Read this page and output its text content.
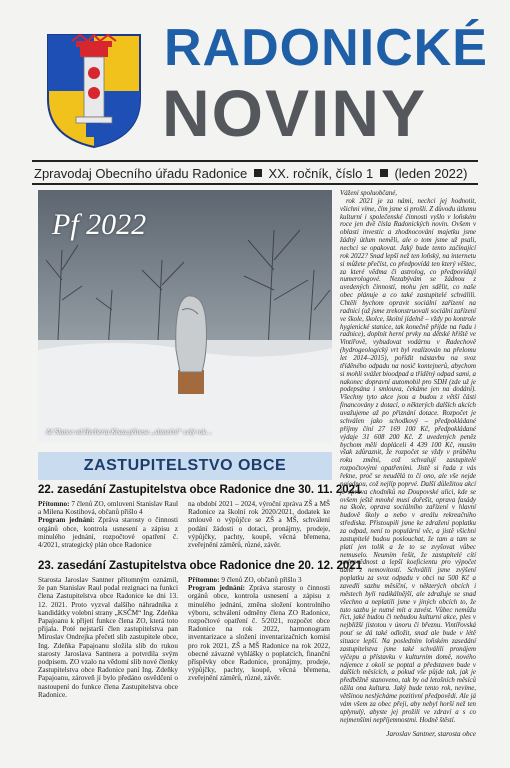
RADONICKÉ
NOVINY
Zpravodaj Obecního úřadu Radonice XX. ročník, číslo 1 (leden 2022)
Pf 2022
Ať Slunce od Herberta Kisza přinese „sluneční“ celý rok…
ZASTUPITELSTVO OBCE
22. zasedání Zastupitelstva obce Radonice dne 30. 11. 2021

Přítomno: 7 členů ZO, omluveni Stanislav Raul a Milena Kostihová, občanů přišlo 4

Program jednání: Zpráva starosty o činnosti orgánů obce, kontrola usnesení a zápisu z minulého jednání, rozpočtové opatření č. 4/2021, strategický plán obce Radonice

na období 2021 – 2024, výroční zpráva ZŠ a MŠ Radonice za školní rok 2020/2021, dodatek ke smlouvě o výpůjčce se ZŠ a MŠ, schválení podání žádosti o dotaci, pronájmy, prodeje, výpůjčky, pachty, koupě, věcná břemena, zveřejnění záměrů, různé, závěr.

23. zasedání Zastupitelstva obce Radonice dne 20. 12. 2021

Starosta Jaroslav Santner přítomným oznámil, že pan Stanislav Raul podal rezignaci na funkci člena Zastupitelstva obce Radonice ke dni 13. 12. 2021. Proto vyzval dalšího náhradníka z kandidátky volební strany „KSČM“ Ing. Zdeňka Papajoanu k přijetí funkce člena ZO, která toto přijala. Poté nejstarší člen zastupitelstva pan Miroslav Ondrejka přečetl slib zastupitele obce, Ing. Zdeňka Papajoanu složila slib do rukou starosty Jaroslava Santnera a potvrdila svým podpisem. ZO vzalo na vědomí slib nové členky Zastupitelstva obce Radonice paní Ing. Zdeňky Papajoanu, zároveň jí bylo předáno osvědčení o nastoupení do funkce člena Zastupitelstva obce Radonice.

Přítomno: 9 členů ZO, občanů přišlo 3

Program jednání: Zpráva starosty o činnosti orgánů obce, kontrola usnesení a zápisu z minulého jednání, změna složení kontrolního výboru, schválení odměny člena ZO Radonice, rozpočtové opatření č. 5/2021, rozpočet obce Radonice na rok 2022, harmonogram inventarizace a složení inventarizačních komisí pro rok 2021, ZŠ a MŠ Radonice na rok 2022, obecné závazné vyhlášky o poplatcích, finanční příspěvky obce Radonice, pronájmy, prodeje, výpůjčky, pachty, koupě, věcná břemena, zveřejnění záměrů, různé, závěr.

Vážení spoluobčané,

rok 2021 je za námi, nechci jej hodnotit, všichni víme, čím jsme si prošli. Z důvodu útlumu kulturní i společenské činnosti vyšlo v loňském roce jen dvě čísla Radonických novin. Ovšem v oblasti investic a zhodnocování majetku jsme žádný útlum neměli, ale o tom jsme už psali, nechci se opakovat. Jaký bude tento začínající rok 2022? Snad lepší než ten loňský, na internetu si můžete přečíst, co předpovídá ten který věštec, za které vědma či astrolog, co předpovídají numerologové. Nezabývám se žádnou z uvedených činností, mohu jen sdělit, co naše obec plánuje a co také zastupitelé schválili. Chtěli bychom opravit sociální zařízení na radnici (už jsme zrekonstruovali sociální zařízení ve škole, školce, školní jídelně – vždy po kontrole hygienické stanice, tak konečně přijde na řadu i radnice), doplnit herní prvky na dětské hřiště ve Vintířově, vybudovat vodárnu v Radechově (hydrogeologický vrt byl realizován na přelomu let 2014–2015), pořídit nástavbu na svoz tříděného odpadu na nosič kontejnerů, abychom si mohli svážet bioodpad a tříděný odpad sami, a nakonec dopravní automobil pro SDH (zde už je podepsána i smlouva, čekáme jen na dodání). Všechny tyto akce jsou a budou z větší části financovány z dotací, o některých dalších akcích uvažujeme až po přiznání dotace. Rozpočet je schválen jako schodkový – předpokládané příjmy činí 27 169 100 Kč, předpokládané výdaje 31 608 200 Kč. Z uvedených peněz bychom měli dopláceli 4 439 100 Kč, musím však zdůraznit, že rozpočet se vždy v průběhu roku změní, což schvalují zastupitelé rozpočtovými opatřeními. Jistě si řada z vás řekne, proč se neudělá to či ono, ale vše nejde najednou, což nejlíp poprvé. Další důležitou akcí je oprava chodníků na Doupovské ulici, kde se ovšem ještě mnohé musí dořešit, oprava fasády na škole, oprava sociálního zařízení v hlavní budově školy a nebo v areálu rekreačního střediska. Přistoupili jsme ke zdražení poplatku za odpad, není to populární věc, a jistě všichni zastupitelé budou poslouchat, že tam a tam se platí jen tolik a že to se zvyšovat vůbec nemuselo. Neumím řešit, že zastupitelé cítí zodpovědnost a lepší koeficientu pro výpočet daně z nemovitostí. Schválili jsme zvýšení poplatku za svoz odpadu v obci na 500 Kč a zavedli sazbu měsíční, v některých obcích i městech byli radikálnější, ale zdražuje se snad všechno a neplatili jsme v jiných obcích to, že tuto sazbu je nutné mít a zavést. Vůbec nemůžu říct, jaké budou či nebudou kulturní akce, ples v nejbližší jistotou v únoru či březnu. Vintířovská pouť se dá také odložit, snad ale bude v létě situace lepší. Na posledním loňském zasedání zastupitelstva jsme také schválili pronájem výčepu a přístavku v kulturním domě, nového nájemce z okolí se poptal a představen bude v dalších měsících, a pokud vše půjde tak, jak je předběžně stanoveno, tak by od letošních měsíců ožila ona kultura. Jaký bude tento rok, nevíme, většinou neslýcháme pozitivní předpovědi. Ale já vám všem za obec přeji, aby nebyl horší než ten uplynulý, abyste jej prožili ve zdraví a s co nejmenšími nepříjemnostmi. Hodně štěstí.

Jaroslav Santner, starosta obce
